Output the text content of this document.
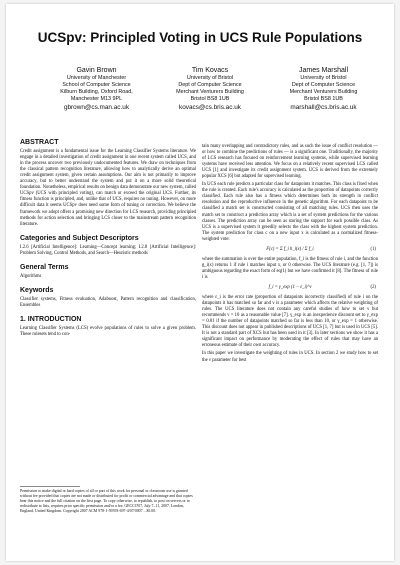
UCSpv: Principled Voting in UCS Rule Populations
Gavin Brown
University of Manchester
School of Computer Science
Kilburn Building, Oxford Road,
Manchester M13 9PL
gbrown@cs.man.ac.uk
Tim Kovacs
University of Bristol
Dept of Computer Science
Merchant Venturers Building
Bristol BS8 1UB
kovacs@cs.bris.ac.uk
James Marshall
University of Bristol
Dept of Computer Science
Merchant Venturers Building
Bristol BS8 1UB
marshall@cs.bris.ac.uk
ABSTRACT

Credit assignment is a fundamental issue for the Learning Classifier Systems literature. We engage in a detailed investigation of credit assignment in one recent system called UCS, and in the process uncover two previously undocumented features. We draw on techniques from the classical pattern recognition literature, allowing how to analytically derive an optimal credit assignment system, given certain assumptions. Our aim is not primarily to improve accuracy, but to better understand the system and put it on a more solid theoretical foundation. Nonetheless, empirical results on benign data demonstrate our new system, called UCSpv (UCS with principled voting), can match or exceed the original UCS. Further, its fitness function is principled, and, unlike that of UCS, requires no tuning. However, on more difficult data it seems UCSpv does need some form of tuning or correction. We believe the framework we adopt offers a promising new direction for LCS research, providing principled methods for action selection and bringing LCS closer to the mainstream pattern recognition literature.

Categories and Subject Descriptors

I.2.6 [Artificial Intelligence]: Learning—Concept learning; I.2.8 [Artificial Intelligence]: Problem Solving, Control Methods, and Search—Heuristic methods

General Terms

Algorithms

Keywords

Classifier systems, Fitness evaluation, Adaboost, Pattern recognition and classification, Ensembles

1. INTRODUCTION

Learning Classifier Systems (LCS) evolve populations of rules to solve a given problem. These rulesets tend to con-

Permission to make digital or hard copies of all or part of this work for personal or classroom use is granted without fee provided that copies are not made or distributed for profit or commercial advantage and that copies bear this notice and the full citation on the first page. To copy otherwise, to republish, to post on servers or to redistribute to lists, requires prior specific permission and/or a fee. GECCO'07, July 7–11, 2007, London, England, United Kingdom. Copyright 2007 ACM 978-1-59593-697-4/07/0007 ...$5.00.

tain many overlapping and contradictory rules, and as such the issue of conflict resolution — or how to combine the predictions of rules — is a significant one. Traditionally, the majority of LCS research has focused on reinforcement learning systems, while supervised learning systems have received less attention. We focus on a relatively recent supervised LCS called UCS [1] and investigate its credit assignment system. UCS is derived from the extremely popular XCS [6] but adapted for supervised learning.

In UCS each rule predicts a particular class for datapoints it matches. This class is fixed when the rule is created. Each rule's accuracy is calculated as the proportion of datapoints correctly classified. Each rule also has a fitness which determines both its strength in conflict resolution and the reproductive influence in the genetic algorithm. For each datapoint to be classified a match set is constructed consisting of all matching rules. UCS then uses the match set to construct a prediction array which is a set of system predictions for the various classes. The prediction array can be seen as storing the support for each possible class. As UCS is a supervised system it greedily selects the class with the highest system prediction. The system prediction for class c on a new input x is calculated as a normalized fitness-weighted vote:

F(c) = Σ f_i h_i(x) / Σ f_i	(1)

where the summation is over the entire population, f_i is the fitness of rule i, and the function g_i(x) returns 1 if rule i matches input x, or 0 otherwise. The UCS literature (e.g. [1, 7]) is ambiguous regarding the exact form of eq(1) but we have confirmed it [8]. The fitness of rule i is

f_i = γ_exp (1 − ε_i)^ν	(2)

where ε_i is the error rate (proportion of datapoints incorrectly classified) of rule i on the datapoints it has matched so far and ν is a parameter which affects the relative weighting of rules. The UCS literature does not contain any careful studies of how to set ν but recommends ν = 10 as a reasonable value [7]. γ_exp is an inexperience discount set to γ_exp = 0.01 if the number of datapoints matched so far is less than 10, or γ_exp = 1 otherwise. This discount does not appear in published descriptions of UCS [1, 7] but is used in UCS [5]. It is not a standard part of XCS but has been used in it [3]. In later sections we show it has a significant impact on performance by moderating the effect of rules that may have an erroneous estimate of their own accuracy.

In this paper we investigate the weighting of rules in UCS. In section 2 we study how to set the ν parameter for best
